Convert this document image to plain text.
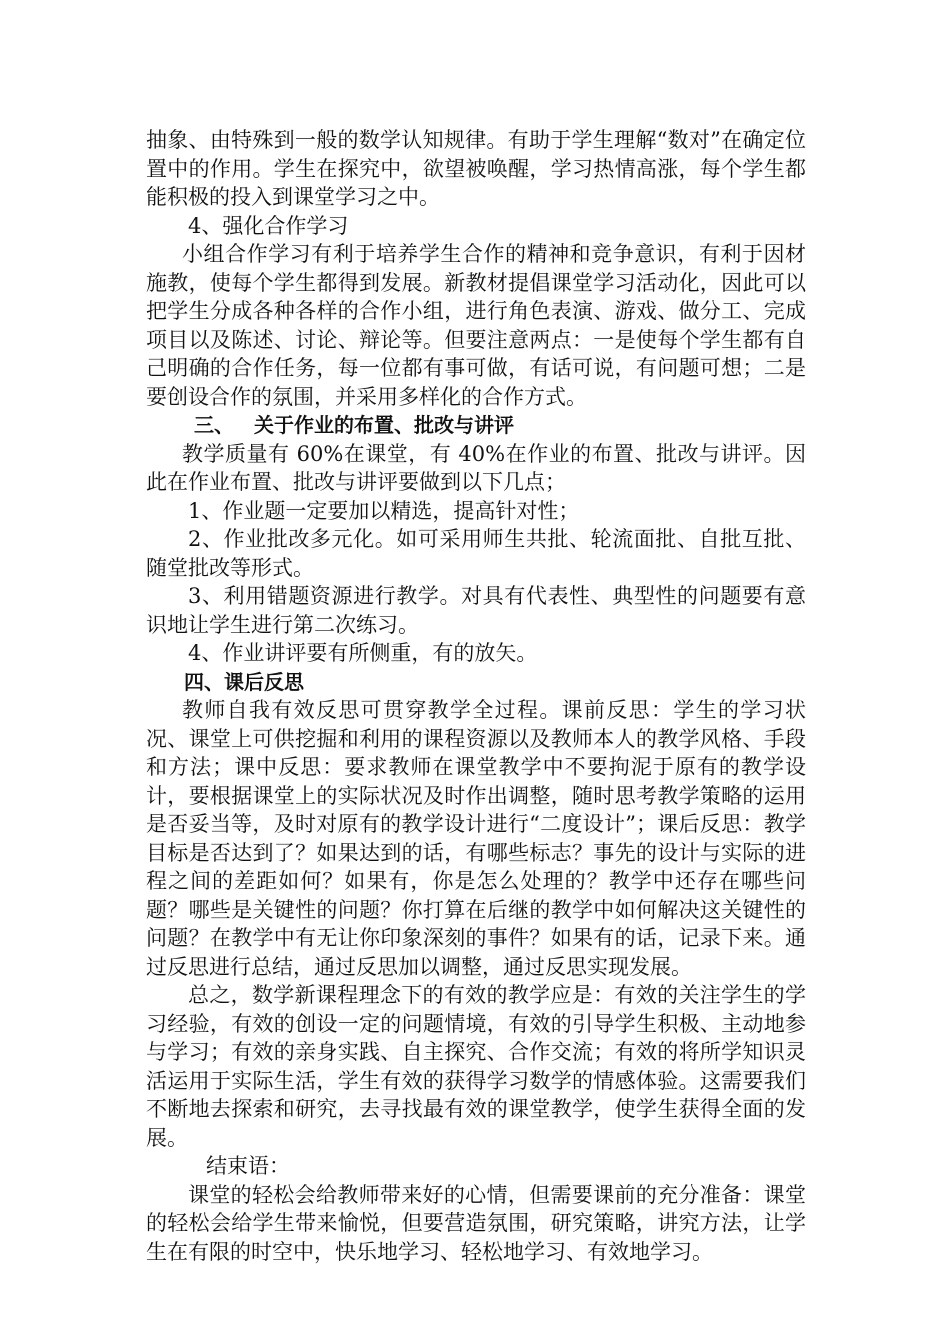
抽象、由特殊到一般的数学认知规律。有助于学生理解“数对”在确定位置中的作用。学生在探究中，欲望被唤醒，学习热情高涨，每个学生都能积极的投入到课堂学习之中。

4、强化合作学习

小组合作学习有利于培养学生合作的精神和竞争意识，有利于因材施教，使每个学生都得到发展。新教材提倡课堂学习活动化，因此可以把学生分成各种各样的合作小组，进行角色表演、游戏、做分工、完成项目以及陈述、讨论、辩论等。但要注意两点：一是使每个学生都有自己明确的合作任务，每一位都有事可做，有话可说，有问题可想；二是要创设合作的氛围，并采用多样化的合作方式。

三、 关于作业的布置、批改与讲评

教学质量有 60%在课堂，有 40%在作业的布置、批改与讲评。因此在作业布置、批改与讲评要做到以下几点；

1、作业题一定要加以精选，提高针对性；

2、作业批改多元化。如可采用师生共批、轮流面批、自批互批、随堂批改等形式。

3、利用错题资源进行教学。对具有代表性、典型性的问题要有意识地让学生进行第二次练习。

4、作业讲评要有所侧重，有的放矢。

四、课后反思

教师自我有效反思可贯穿教学全过程。课前反思：学生的学习状况、课堂上可供挖掘和利用的课程资源以及教师本人的教学风格、手段和方法；课中反思：要求教师在课堂教学中不要拘泥于原有的教学设计，要根据课堂上的实际状况及时作出调整，随时思考教学策略的运用是否妥当等，及时对原有的教学设计进行“二度设计”；课后反思：教学目标是否达到了？如果达到的话，有哪些标志？事先的设计与实际的进程之间的差距如何？如果有，你是怎么处理的？教学中还存在哪些问题？哪些是关键性的问题？你打算在后继的教学中如何解决这关键性的问题？在教学中有无让你印象深刻的事件？如果有的话，记录下来。通过反思进行总结，通过反思加以调整，通过反思实现发展。

总之，数学新课程理念下的有效的教学应是：有效的关注学生的学习经验，有效的创设一定的问题情境，有效的引导学生积极、主动地参与学习；有效的亲身实践、自主探究、合作交流；有效的将所学知识灵活运用于实际生活，学生有效的获得学习数学的情感体验。这需要我们不断地去探索和研究，去寻找最有效的课堂教学，使学生获得全面的发展。

结束语：

课堂的轻松会给教师带来好的心情，但需要课前的充分准备：课堂的轻松会给学生带来愉悦，但要营造氛围，研究策略，讲究方法，让学生在有限的时空中，快乐地学习、轻松地学习、有效地学习。
